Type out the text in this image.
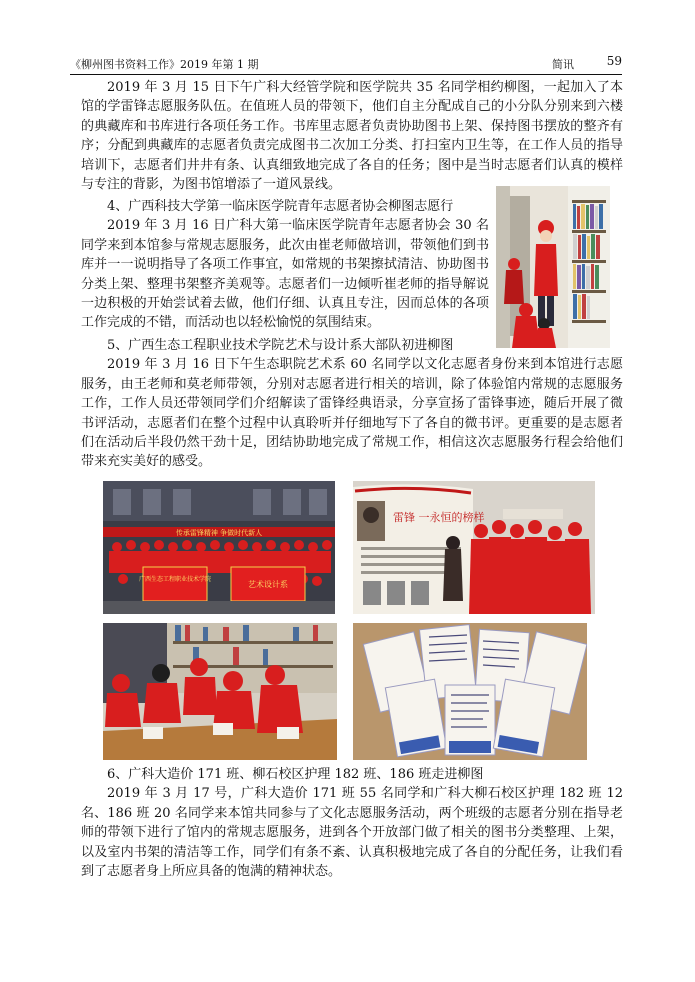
《柳州图书资料工作》2019 年第 1 期	简讯	59

2019 年 3 月 15 日下午广科大经管学院和医学院共 35 名同学相约柳图，一起加入了本馆的学雷锋志愿服务队伍。在值班人员的带领下，他们自主分配成自己的小分队分别来到六楼的典藏库和书库进行各项任务工作。书库里志愿者负责协助图书上架、保持图书摆放的整齐有序；分配到典藏库的志愿者负责完成图书二次加工分类、打扫室内卫生等，在工作人员的指导培训下，志愿者们井井有条、认真细致地完成了各自的任务；图中是当时志愿者们认真的模样与专注的背影，为图书馆增添了一道风景线。

4、广西科技大学第一临床医学院青年志愿者协会柳图志愿行

2019 年 3 月 16 日广科大第一临床医学院青年志愿者协会 30 名同学来到本馆参与常规志愿服务，此次由崔老师做培训，带领他们到书库并一一说明指导了各项工作事宜，如常规的书架擦拭清洁、协助图书分类上架、整理书架整齐美观等。志愿者们一边倾听崔老师的指导解说一边积极的开始尝试着去做，他们仔细、认真且专注，因而总体的各项工作完成的不错，而活动也以轻松愉悦的氛围结束。

5、广西生态工程职业技术学院艺术与设计系大部队初进柳图

2019 年 3 月 16 日下午生态职院艺术系 60 名同学以文化志愿者身份来到本馆进行志愿服务，由王老师和莫老师带领，分别对志愿者进行相关的培训，除了体验馆内常规的志愿服务工作，工作人员还带领同学们介绍解读了雷锋经典语录，分享宣扬了雷锋事迹，随后开展了微书评活动，志愿者们在整个过程中认真聆听并仔细地写下了各自的微书评。更重要的是志愿者们在活动后半段仍然干劲十足，团结协助地完成了常规工作，相信这次志愿服务行程会给他们带来充实美好的感受。

传承雷锋精神 争做时代新人
广西生态工程职业技术学院
艺术设计系
雷锋 一永恒的榜样

6、广科大造价 171 班、柳石校区护理 182 班、186 班走进柳图

2019 年 3 月 17 号，广科大造价 171 班 55 名同学和广科大柳石校区护理 182 班 12 名、186 班 20 名同学来本馆共同参与了文化志愿服务活动，两个班级的志愿者分别在指导老师的带领下进行了馆内的常规志愿服务，进到各个开放部门做了相关的图书分类整理、上架，以及室内书架的清洁等工作，同学们有条不紊、认真积极地完成了各自的分配任务，让我们看到了志愿者身上所应具备的饱满的精神状态。
